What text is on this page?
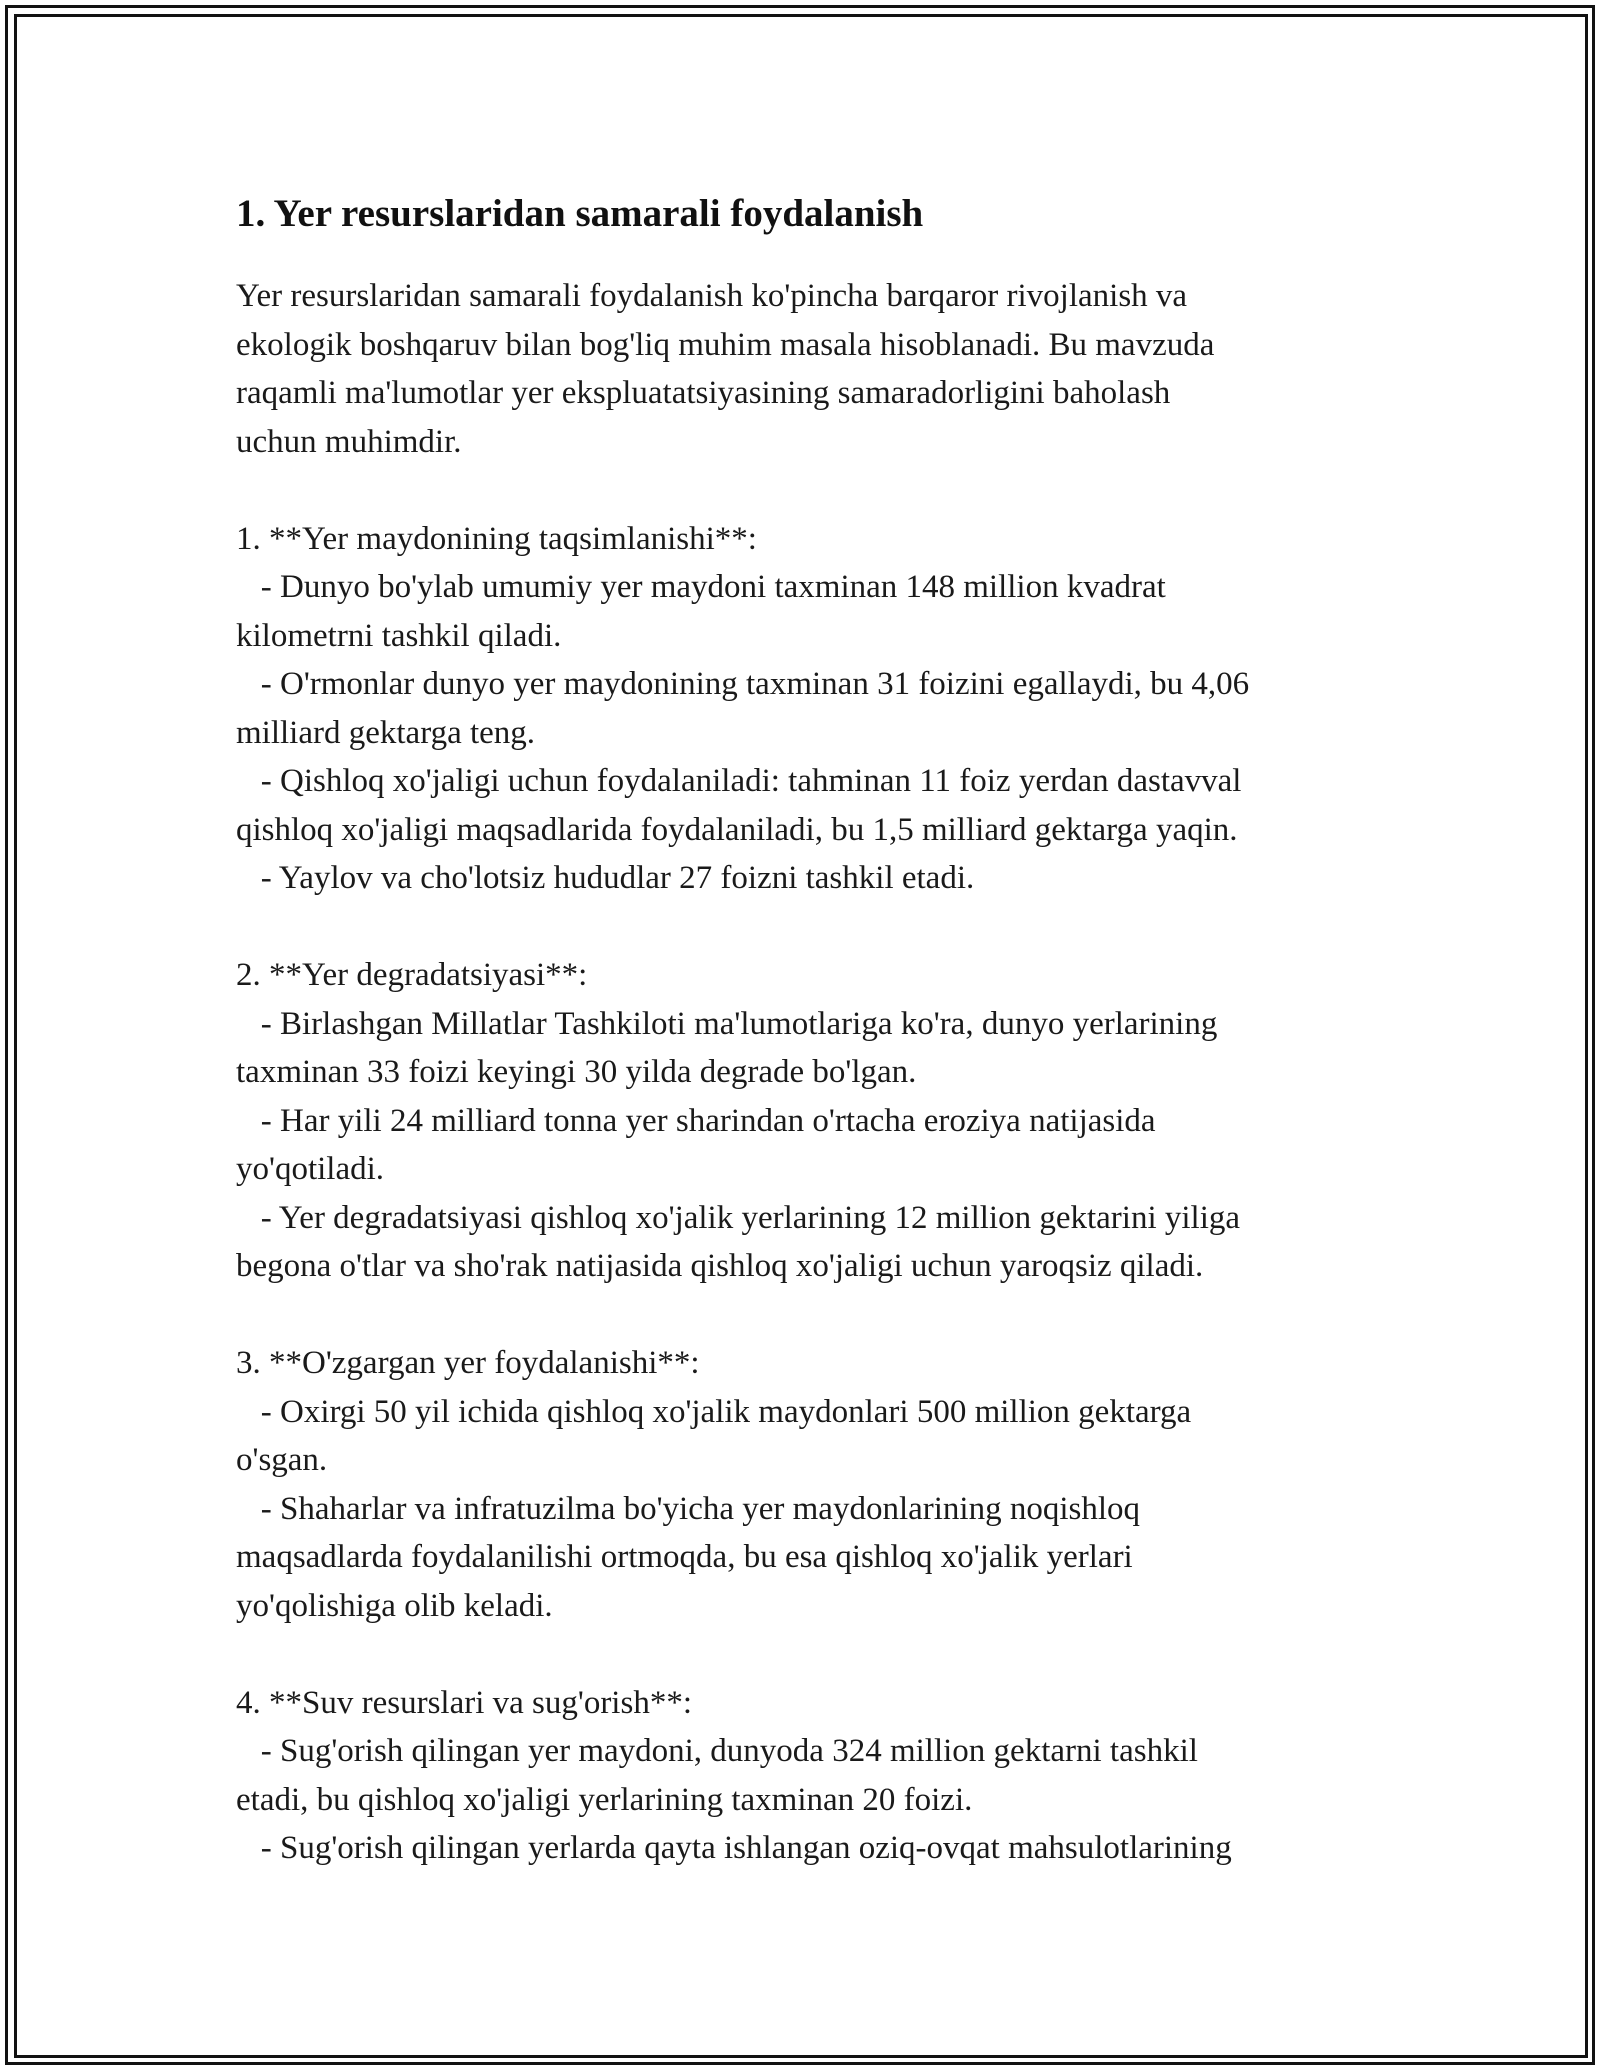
1. Yer resurslaridan samarali foydalanish
Yer resurslaridan samarali foydalanish ko'pincha barqaror rivojlanish va
ekologik boshqaruv bilan bog'liq muhim masala hisoblanadi. Bu mavzuda
raqamli ma'lumotlar yer ekspluatatsiyasining samaradorligini baholash
uchun muhimdir.
1. **Yer maydonining taqsimlanishi**:
- Dunyo bo'ylab umumiy yer maydoni taxminan 148 million kvadrat
kilometrni tashkil qiladi.
- O'rmonlar dunyo yer maydonining taxminan 31 foizini egallaydi, bu 4,06
milliard gektarga teng.
- Qishloq xo'jaligi uchun foydalaniladi: tahminan 11 foiz yerdan dastavval
qishloq xo'jaligi maqsadlarida foydalaniladi, bu 1,5 milliard gektarga yaqin.
- Yaylov va cho'lotsiz hududlar 27 foizni tashkil etadi.
2. **Yer degradatsiyasi**:
- Birlashgan Millatlar Tashkiloti ma'lumotlariga ko'ra, dunyo yerlarining
taxminan 33 foizi keyingi 30 yilda degrade bo'lgan.
- Har yili 24 milliard tonna yer sharindan o'rtacha eroziya natijasida
yo'qotiladi.
- Yer degradatsiyasi qishloq xo'jalik yerlarining 12 million gektarini yiliga
begona o'tlar va sho'rak natijasida qishloq xo'jaligi uchun yaroqsiz qiladi.
3. **O'zgargan yer foydalanishi**:
- Oxirgi 50 yil ichida qishloq xo'jalik maydonlari 500 million gektarga
o'sgan.
- Shaharlar va infratuzilma bo'yicha yer maydonlarining noqishloq
maqsadlarda foydalanilishi ortmoqda, bu esa qishloq xo'jalik yerlari
yo'qolishiga olib keladi.
4. **Suv resurslari va sug'orish**:
- Sug'orish qilingan yer maydoni, dunyoda 324 million gektarni tashkil
etadi, bu qishloq xo'jaligi yerlarining taxminan 20 foizi.
- Sug'orish qilingan yerlarda qayta ishlangan oziq-ovqat mahsulotlarining
